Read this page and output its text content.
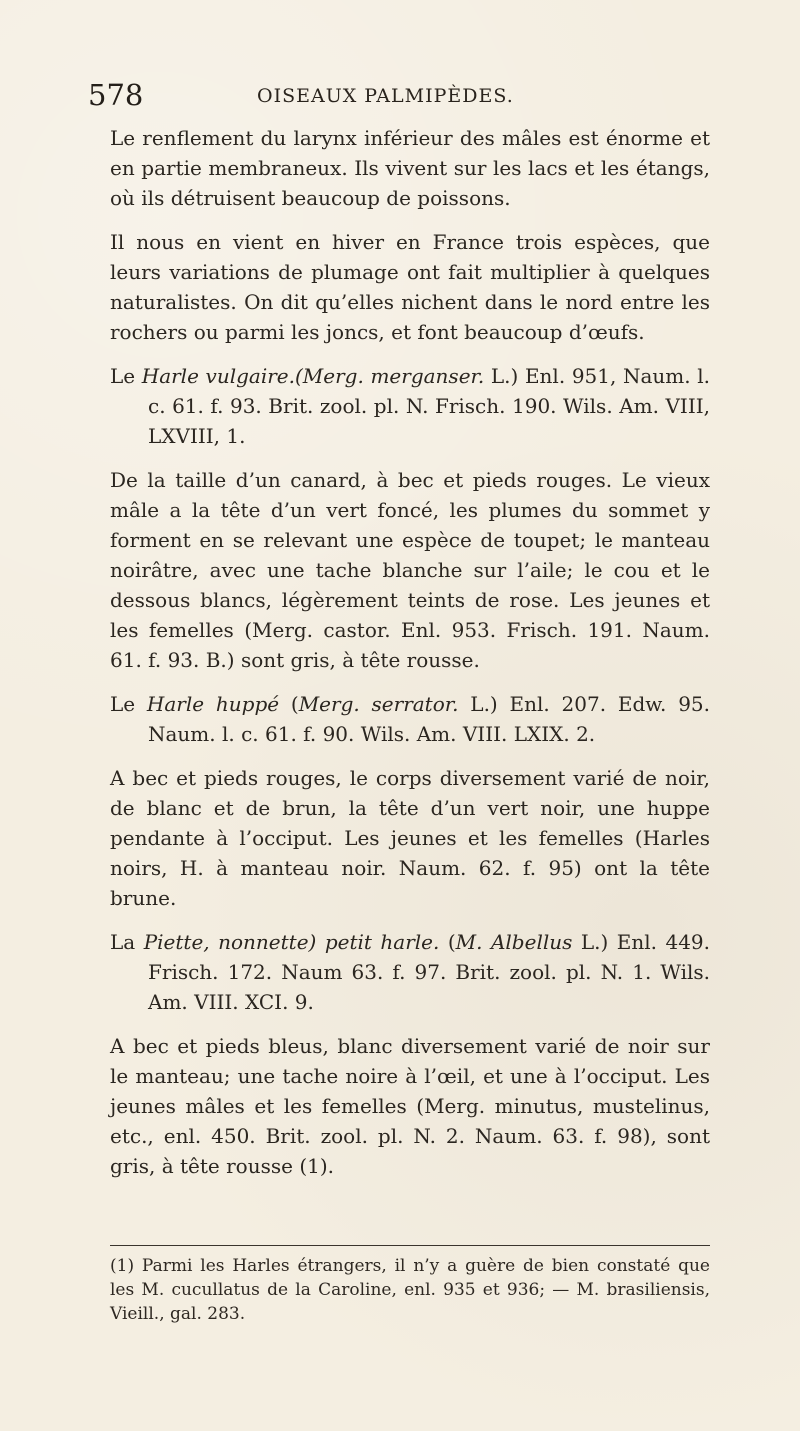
578	OISEAUX PALMIPÈDES.

Le renflement du larynx inférieur des mâles est énorme et en partie membraneux. Ils vivent sur les lacs et les étangs, où ils détruisent beaucoup de poissons.

Il nous en vient en hiver en France trois espèces, que leurs variations de plumage ont fait multiplier à quelques naturalistes. On dit qu’elles nichent dans le nord entre les rochers ou parmi les joncs, et font beaucoup d’œufs.

Le Harle vulgaire.(Merg. merganser. L.) Enl. 951, Naum. l. c. 61. f. 93. Brit. zool. pl. N. Frisch. 190. Wils. Am. VIII, LXVIII, 1.

De la taille d’un canard, à bec et pieds rouges. Le vieux mâle a la tête d’un vert foncé, les plumes du sommet y forment en se relevant une espèce de toupet; le manteau noirâtre, avec une tache blanche sur l’aile; le cou et le dessous blancs, légèrement teints de rose. Les jeunes et les femelles (Merg. castor. Enl. 953. Frisch. 191. Naum. 61. f. 93. B.) sont gris, à tête rousse.

Le Harle huppé (Merg. serrator. L.) Enl. 207. Edw. 95. Naum. l. c. 61. f. 90. Wils. Am. VIII. LXIX. 2.

A bec et pieds rouges, le corps diversement varié de noir, de blanc et de brun, la tête d’un vert noir, une huppe pendante à l’occiput. Les jeunes et les femelles (Harles noirs, H. à manteau noir. Naum. 62. f. 95) ont la tête brune.

La Piette, nonnette) petit harle. (M. Albellus L.) Enl. 449. Frisch. 172. Naum 63. f. 97. Brit. zool. pl. N. 1. Wils. Am. VIII. XCI. 9.

A bec et pieds bleus, blanc diversement varié de noir sur le manteau; une tache noire à l’œil, et une à l’occiput. Les jeunes mâles et les femelles (Merg. minutus, mustelinus, etc., enl. 450. Brit. zool. pl. N. 2. Naum. 63. f. 98), sont gris, à tête rousse (1).

(1) Parmi les Harles étrangers, il n’y a guère de bien constaté que les M. cucullatus de la Caroline, enl. 935 et 936; — M. brasiliensis, Vieill., gal. 283.
